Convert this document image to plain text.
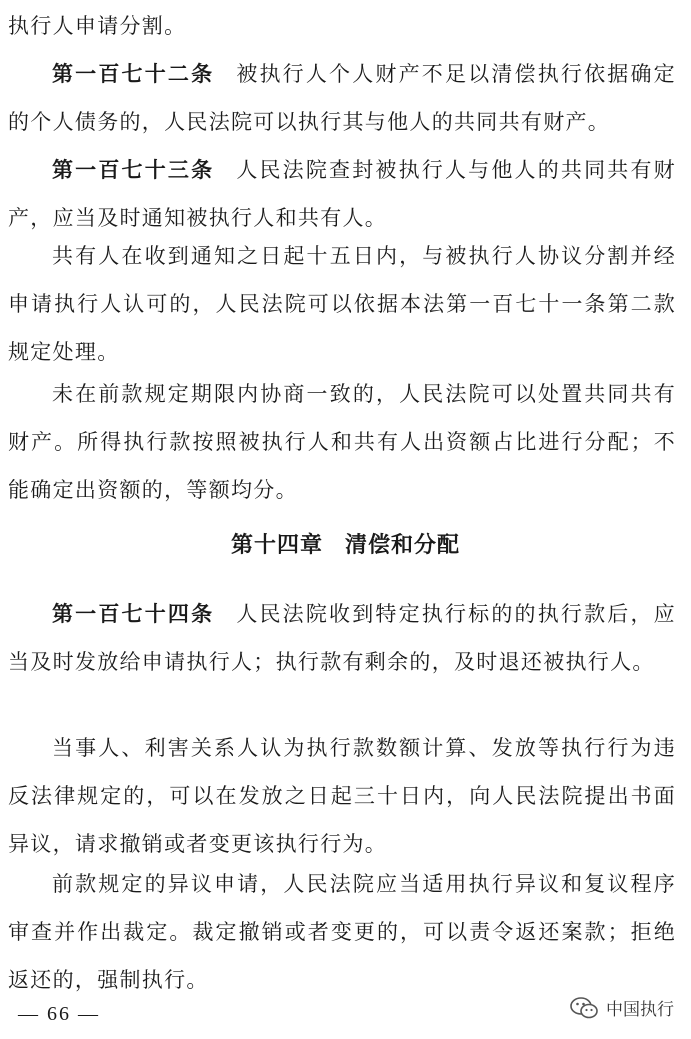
执行人申请分割。

第一百七十二条 被执行人个人财产不足以清偿执行依据确定的个人债务的，人民法院可以执行其与他人的共同共有财产。

第一百七十三条 人民法院查封被执行人与他人的共同共有财产，应当及时通知被执行人和共有人。

共有人在收到通知之日起十五日内，与被执行人协议分割并经申请执行人认可的，人民法院可以依据本法第一百七十一条第二款规定处理。

未在前款规定期限内协商一致的，人民法院可以处置共同共有财产。所得执行款按照被执行人和共有人出资额占比进行分配；不能确定出资额的，等额均分。

第十四章 清偿和分配

第一百七十四条 人民法院收到特定执行标的的执行款后，应当及时发放给申请执行人；执行款有剩余的，及时退还被执行人。

当事人、利害关系人认为执行款数额计算、发放等执行行为违反法律规定的，可以在发放之日起三十日内，向人民法院提出书面异议，请求撤销或者变更该执行行为。

前款规定的异议申请，人民法院应当适用执行异议和复议程序审查并作出裁定。裁定撤销或者变更的，可以责令返还案款；拒绝返还的，强制执行。

— 66 —	中国执行
